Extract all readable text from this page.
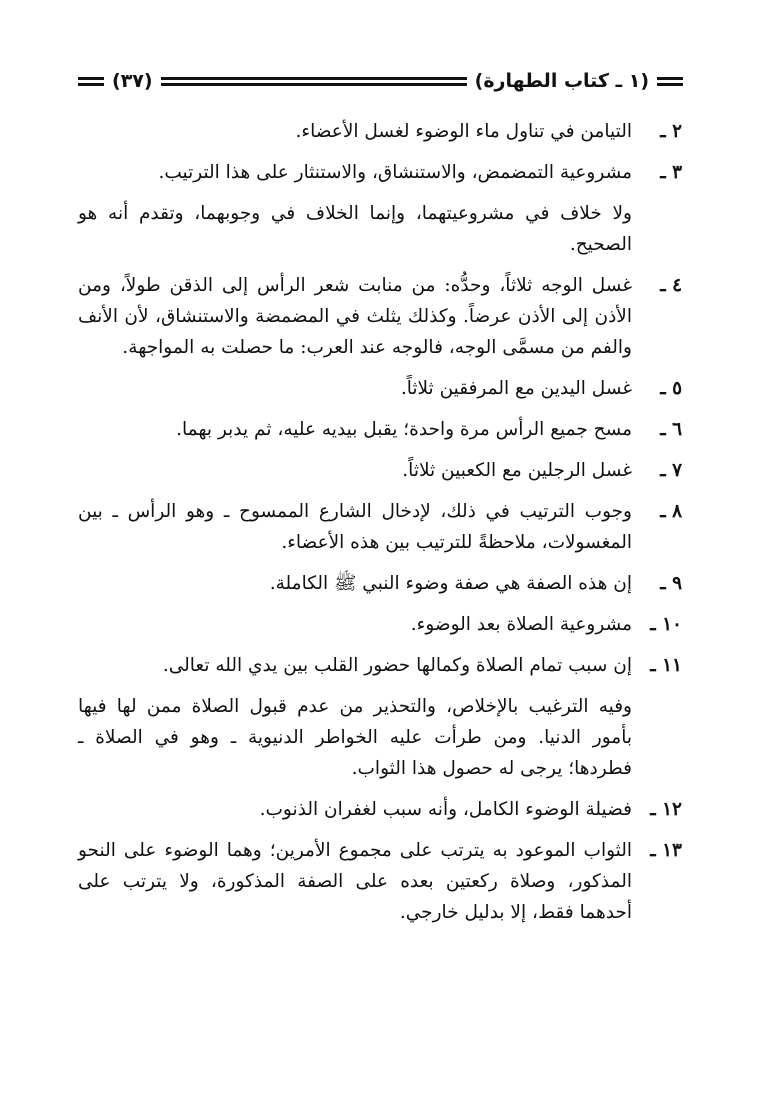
(١ ـ كتاب الطهارة)
(٣٧)
٢ ـ
التيامن في تناول ماء الوضوء لغسل الأعضاء.
٣ ـ
مشروعية التمضمض، والاستنشاق، والاستنثار على هذا الترتيب.
ولا خلاف في مشروعيتهما، وإنما الخلاف في وجوبهما، وتقدم أنه هو الصحيح.
٤ ـ
غسل الوجه ثلاثاً، وحدُّه: من منابت شعر الرأس إلى الذقن طولاً، ومن الأذن إلى الأذن عرضاً. وكذلك يثلث في المضمضة والاستنشاق، لأن الأنف والفم من مسمَّى الوجه، فالوجه عند العرب: ما حصلت به المواجهة.
٥ ـ
غسل اليدين مع المرفقين ثلاثاً.
٦ ـ
مسح جميع الرأس مرة واحدة؛ يقبل بيديه عليه، ثم يدبر بهما.
٧ ـ
غسل الرجلين مع الكعبين ثلاثاً.
٨ ـ
وجوب الترتيب في ذلك، لإدخال الشارع الممسوح ـ وهو الرأس ـ بين المغسولات، ملاحظةً للترتيب بين هذه الأعضاء.
٩ ـ
إن هذه الصفة هي صفة وضوء النبي ﷺ الكاملة.
١٠ ـ
مشروعية الصلاة بعد الوضوء.
١١ ـ
إن سبب تمام الصلاة وكمالها حضور القلب بين يدي الله تعالى.
وفيه الترغيب بالإخلاص، والتحذير من عدم قبول الصلاة ممن لها فيها بأمور الدنيا. ومن طرأت عليه الخواطر الدنيوية ـ وهو في الصلاة ـ فطردها؛ يرجى له حصول هذا الثواب.
١٢ ـ
فضيلة الوضوء الكامل، وأنه سبب لغفران الذنوب.
١٣ ـ
الثواب الموعود به يترتب على مجموع الأمرين؛ وهما الوضوء على النحو المذكور، وصلاة ركعتين بعده على الصفة المذكورة، ولا يترتب على أحدهما فقط، إلا بدليل خارجي.
